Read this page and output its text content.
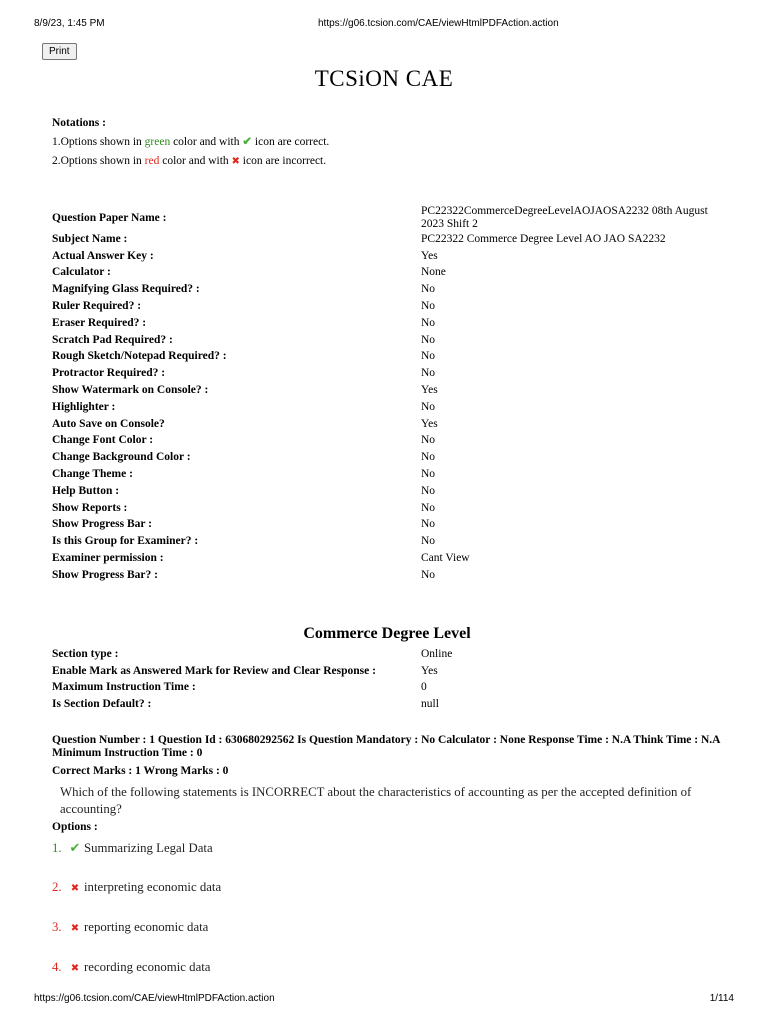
8/9/23, 1:45 PM	https://g06.tcsion.com/CAE/viewHtmlPDFAction.action
Print
TCSiON CAE
Notations :
1.Options shown in green color and with ✔ icon are correct.
2.Options shown in red color and with ✖ icon are incorrect.
Question Paper Name :	PC22322CommerceDegreeLevelAOJAOSA2232 08th August 2023 Shift 2
Subject Name :	PC22322 Commerce Degree Level AO JAO SA2232
Actual Answer Key :	Yes
Calculator :	None
Magnifying Glass Required? :	No
Ruler Required? :	No
Eraser Required? :	No
Scratch Pad Required? :	No
Rough Sketch/Notepad Required? :	No
Protractor Required? :	No
Show Watermark on Console? :	Yes
Highlighter :	No
Auto Save on Console?	Yes
Change Font Color :	No
Change Background Color :	No
Change Theme :	No
Help Button :	No
Show Reports :	No
Show Progress Bar :	No
Is this Group for Examiner? :	No
Examiner permission :	Cant View
Show Progress Bar? :	No
Commerce Degree Level
Section type :	Online
Enable Mark as Answered Mark for Review and Clear Response :	Yes
Maximum Instruction Time :	0
Is Section Default? :	null
Question Number : 1 Question Id : 630680292562 Is Question Mandatory : No Calculator : None Response Time : N.A Think Time : N.A Minimum Instruction Time : 0
Correct Marks : 1 Wrong Marks : 0
Which of the following statements is INCORRECT about the characteristics of accounting as per the accepted definition of accounting?
Options :
1. ✔ Summarizing Legal Data
2. ✖ interpreting economic data
3. ✖ reporting economic data
4. ✖ recording economic data
https://g06.tcsion.com/CAE/viewHtmlPDFAction.action	1/114
